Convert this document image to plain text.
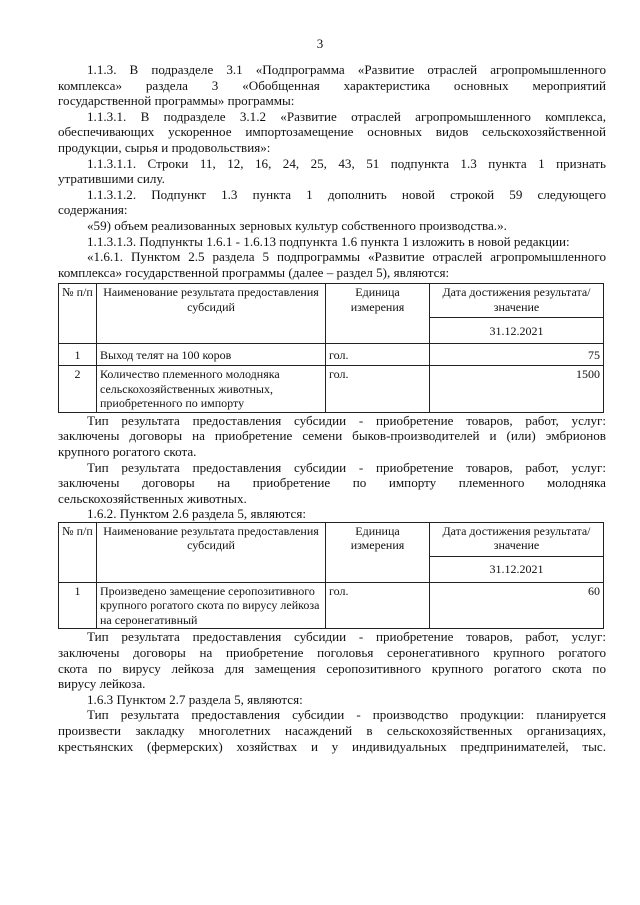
3

1.1.3. В подразделе 3.1 «Подпрограмма «Развитие отраслей агропромышленного

комплекса» раздела 3 «Обобщенная характеристика основных мероприятий

государственной программы» программы:

1.1.3.1. В подразделе 3.1.2 «Развитие отраслей агропромышленного комплекса,

обеспечивающих ускоренное импортозамещение основных видов сельскохозяйственной

продукции, сырья и продовольствия»:

1.1.3.1.1. Строки 11, 12, 16, 24, 25, 43, 51 подпункта 1.3 пункта 1 признать

утратившими силу.

1.1.3.1.2. Подпункт 1.3 пункта 1 дополнить новой строкой 59 следующего

содержания:

«59) объем реализованных зерновых культур собственного производства.».

1.1.3.1.3. Подпункты 1.6.1 - 1.6.13 подпункта 1.6 пункта 1 изложить в новой редакции:

«1.6.1. Пунктом 2.5 раздела 5 подпрограммы «Развитие отраслей агропромышленного

комплекса» государственной программы (далее – раздел 5), являются:

№ п/п	Наименование результата предоставления субсидий	Единица измерения	Дата достижения результата/значение
			31.12.2021
1	Выход телят на 100 коров	гол.	75
2	Количество племенного молодняка сельскохозяйственных животных, приобретенного по импорту	гол.	1500

Тип результата предоставления субсидии - приобретение товаров, работ, услуг:

заключены договоры на приобретение семени быков-производителей и (или) эмбрионов

крупного рогатого скота.

Тип результата предоставления субсидии - приобретение товаров, работ, услуг:

заключены договоры на приобретение по импорту племенного молодняка

сельскохозяйственных животных.

1.6.2. Пунктом 2.6 раздела 5, являются:

№ п/п	Наименование результата предоставления субсидий	Единица измерения	Дата достижения результата/значение
			31.12.2021
1	Произведено замещение серопозитивного крупного рогатого скота по вирусу лейкоза на серонегативный	гол.	60

Тип результата предоставления субсидии - приобретение товаров, работ, услуг:

заключены договоры на приобретение поголовья серонегативного крупного рогатого

скота по вирусу лейкоза для замещения серопозитивного крупного рогатого скота по

вирусу лейкоза.

1.6.3 Пунктом 2.7 раздела 5, являются:

Тип результата предоставления субсидии - производство продукции: планируется

произвести закладку многолетних насаждений в сельскохозяйственных организациях,

крестьянских (фермерских) хозяйствах и у индивидуальных предпринимателей, тыс.
